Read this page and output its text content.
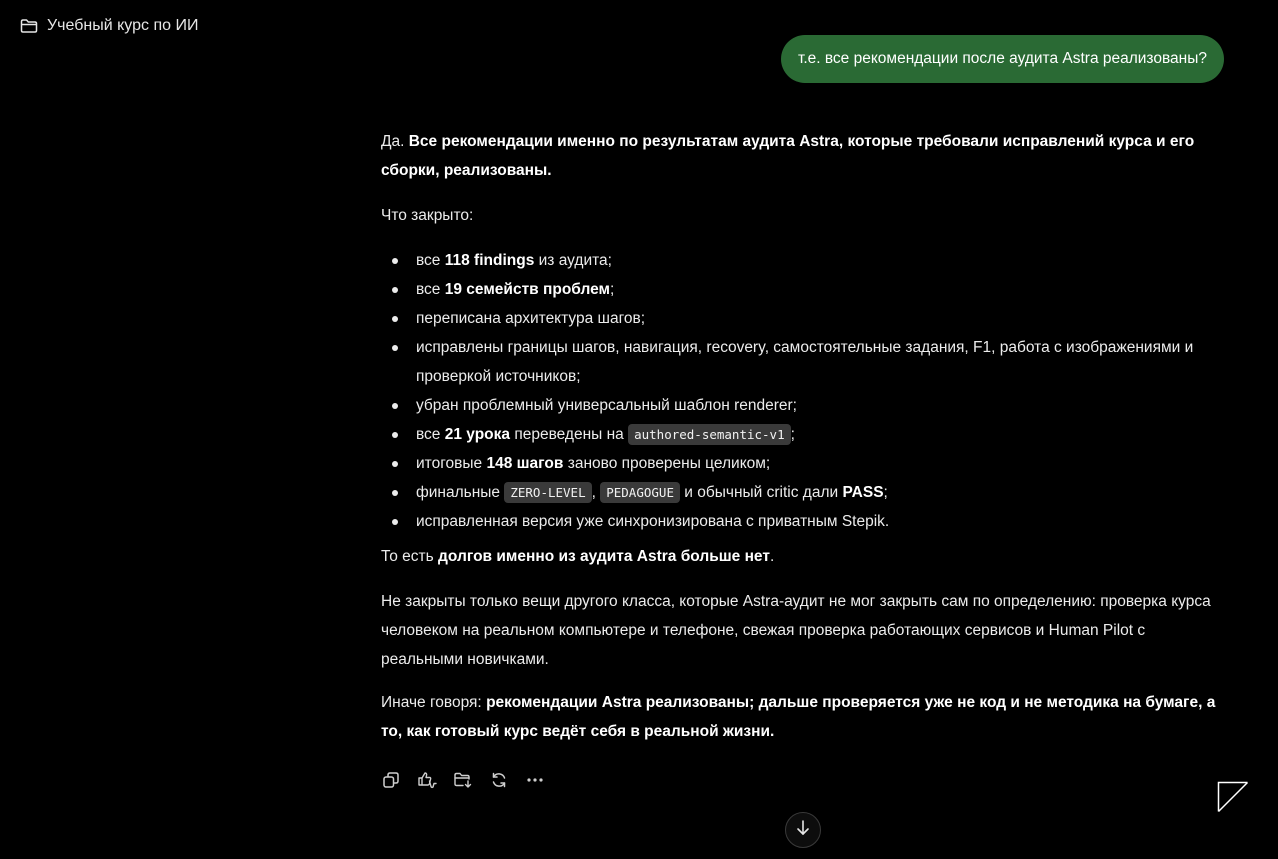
Учебный курс по ИИ
т.е. все рекомендации после аудита Astra реализованы?

Да. Все рекомендации именно по результатам аудита Astra, которые требовали исправлений курса и его сборки, реализованы.

Что закрыто:

все 118 findings из аудита;
все 19 семейств проблем;
переписана архитектура шагов;
исправлены границы шагов, навигация, recovery, самостоятельные задания, F1, работа с изображениями и проверкой источников;
убран проблемный универсальный шаблон renderer;
все 21 урока переведены на authored-semantic-v1 ;
итоговые 148 шагов заново проверены целиком;
финальные ZERO-LEVEL , PEDAGOGUE и обычный critic дали PASS;
исправленная версия уже синхронизирована с приватным Stepik.

То есть долгов именно из аудита Astra больше нет.

Не закрыты только вещи другого класса, которые Astra-аудит не мог закрыть сам по определению: проверка курса человеком на реальном компьютере и телефоне, свежая проверка работающих сервисов и Human Pilot с реальными новичками.

Иначе говоря: рекомендации Astra реализованы; дальше проверяется уже не код и не методика на бумаге, а то, как готовый курс ведёт себя в реальной жизни.
